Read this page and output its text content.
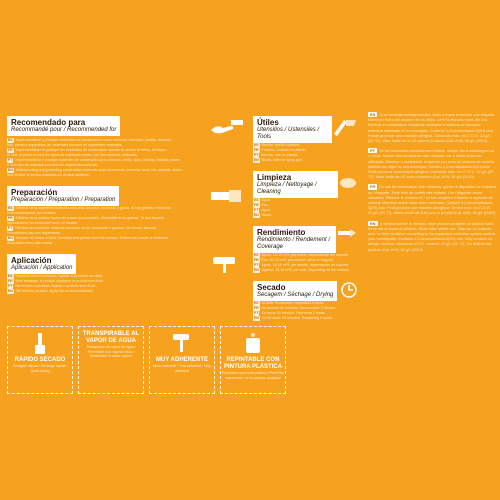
Recomendado para
Recommandé pour / Recommended for
ES Impermeabilizar y proteger materiales de construcción como cemento, hormigón, ladrillo, baldosa,
teja, piedra y superficies de materiales porosos en superficies verticales.
FR Imperméabiliser et protéger les matériaux de construction comme le ciment, le béton, la brique,
la tuile, la pierre et tous les types de matériaux poreux sur des surfaces verticales.
PT Impermeabilizar e proteger materiais de construção como cimento, betão, tijolo, azulejo, telhado, pedra
e todo tipo de materiais porosos em superfícies verticais.
EN Waterproofing and protecting construction materials such as cement, concrete, brick, tile, ceramic, stone
and all kind of porous materials on vertical surfaces.
Preparación
Preparación / Préparation / Preparation
ES Eliminar de la superficie todas las manchas de polvo, humedad y grasa. Si hay grietas o fracturas
reacondicionarlas con mortero.
FR Éliminer de la surface toutes les traces de poussière, d'humidité et de graisse. Si des fissures
apparaissent, les reboucher avec du mortier.
PT Eliminar da superfície todas as manchas de pó, humidade e gordura. Se houver fissuras,
recondicioná-las com argamassa.
EN Remove all traces of dust, humidity and grease from the surface. If there are cracks or fractures,
recondition them with mortar.
Aplicación
Aplicación / Application
ES Remover bien el producto. Aplicar el producto sin diluir.
FR Bien mélanger le produit. Appliquer le produit non dilué.
PT Mexer bem o produto. Aplicar o produto sem diluir.
EN Stir well the product. Apply the product undiluted.
Útiles
Utensilios / Ustensiles / Tools
ES Brocha, rodillo o pistola.
FR Pinceau, rouleau ou pistolet.
PT Brocha, rolo ou pistola.
EN Brush, roller or spray gun.
Limpieza
Limpieza / Nettoyage / Cleaning
ES Agua.
FR Eau.
PT Água.
EN Water.
Rendimiento
Rendimiento / Rendement / Coverage
ES Aprox. 10-15 m²/L por mano, dependiendo del soporte.
FR Env. 10-15 m²/L par couche, selon le support.
PT Aprox. 10-15 m²/L por demão, dependendo do suporte.
EN Approx. 10-15 m²/L per coat, depending on the surface.
Secado
Secagem / Séchage / Drying
ES Al tacto 30 minutos. Repintado 2 horas.
FR Au toucher 30 minutes. Recouvrable 2 heures.
PT Ao toque 30 minutos. Repintura 2 horas.
EN To the touch 30 minutes. Repainting 2 hours.
ES Si se necesita consejo médico, tener a mano el envase o la etiqueta. Mantener fuera del alcance de los niños. Leer la etiqueta antes del uso. Eliminar el contenido/el recipiente mediante el sistema de recogida selectiva habilitado en su municipio. Contiene 1,2-benzisotiazol-3(2H)-ona. Puede provocar una reacción alérgica. Contenido máx. en C.O.V.: 22 g/L (20 °C). Valor límite de la UE para el producto (Cat. A/H): 30 g/L (2010)
PT Se for necessário consultar um médico, mostre-lhe a embalagem ou o rótulo. Manter fora do alcance das crianças. Ler o rótulo antes da utilização. Eliminar o conteúdo/o recipiente por meio do sistema de recolha seletiva em vigor no seu município. Contém 1,2-benzisotiazol-3(2H)-ona. Pode provocar uma reação alérgica. Conteúdo máx. em C.O.V.: 22 g/L (20 °C). Valor limite da UE para o produto (Cat. A/H): 30 g/L (2010)
FR En cas de consultation d'un médecin, garder à disposition le récipient ou l'étiquette. Tenir hors de portée des enfants. Lire l'étiquette avant utilisation. Éliminer le contenu et / ou son récipient à travers le système de collecte sélective activé dans votre commune. Contient 1,2-benzisothiazol-3(2H)-one. Peut produire une réaction allergique. Teneur max. en C.O.V.: 22 g/L (20 °C). Valeur limite de l'UE pour le produit (Cat. A/H): 30 g/L (2010)
EN If medical advice is needed, have product container or label at hand. Keep out of reach of children. Read label before use. Dispose of contents and / or their container according to the separated collection system used in your municipality. Contains 1,2-benzisothiazol-3(2H)-one. May produce an allergic reaction. Maximum V.O.C. content: 22 g/L (20 °C). EU limit for the product (Cat. A/H): 30 g/L (2010)
RÁPIDO SECADO
Secagem rápida / Séchage rapide / Quick drying
TRANSPIRABLE AL VAPOR DE AGUA
Transpirável ao vapor de água / Perméable à la vapeur d'eau / Breathable to water vapour
MUY ADHERENTE
Muito aderente / Très adhérent / Very adherent
REPINTABLE CON PINTURA PLÁSTICA
Repintável com tinta plástica / Peut être repeint avec de la peinture plastique
